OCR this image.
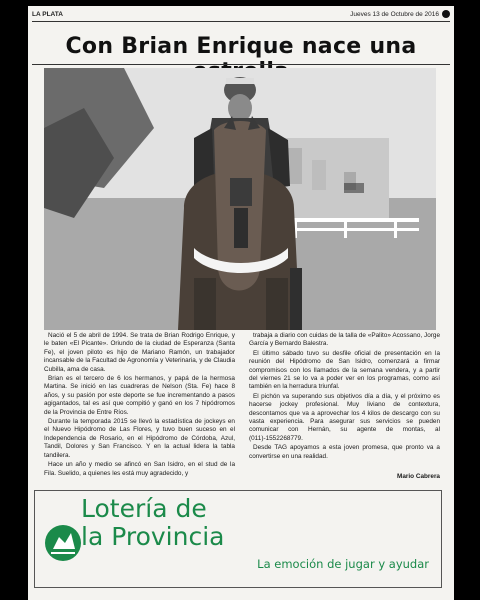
LA PLATA	Jueves 13 de Octubre de 2016
Con Brian Enrique nace una

Nació el 5 de abril de 1994. Se trata de Brian Rodrigo Enrique, y le baten «El Picante». Oriundo de la ciudad de Esperanza (Santa Fe), el joven piloto es hijo de Mariano Ramón, un trabajador incansable de la Facultad de Agronomía y Veterinaria, y de Claudia Cubilla, ama de casa.

Brian es el tercero de 6 los hermanos, y papá de la hermosa Martina. Se inició en las cuadreras de Nelson (Sta. Fe) hace 8 años, y su pasión por este deporte se fue incrementando a pasos agigantados, tal es así que compitió y ganó en los 7 hipódromos de la Provincia de Entre Ríos.

Durante la temporada 2015 se llevó la estadística de jockeys en el Nuevo Hipódromo de Las Flores, y tuvo buen suceso en el Independencia de Rosario, en el Hipódromo de Córdoba, Azul, Tandil, Dolores y San Francisco. Y en la actual lidera la tabla tandilera.

Hace un año y medio se afincó en San Isidro, en el stud de la Fila. Suelido, a quienes les está muy agradecido, y

trabaja a diario con cuidas de la talla de «Palito» Acossano, Jorge García y Bernardo Balestra.

El último sábado tuvo su desfile oficial de presentación en la reunión del Hipódromo de San Isidro, comenzará a firmar compromisos con los llamados de la semana vendera, y a partir del viernes 21 se lo va a poder ver en los programas, como así también en la herradura triunfal.

El pichón va superando sus objetivos día a día, y el próximo es hacerse jockey profesional. Muy liviano de contextura, descontamos que va a aprovechar los 4 kilos de descargo con su vasta experiencia. Para asegurar sus servicios se pueden comunicar con Hernán, su agente de montas, al (011)-1552268779.

Desde TAG apoyamos a esta joven promesa, que pronto va a convertirse en una realidad.

Mario Cabrera
Lotería de
la Provincia
La emoción de jugar y ayudar
